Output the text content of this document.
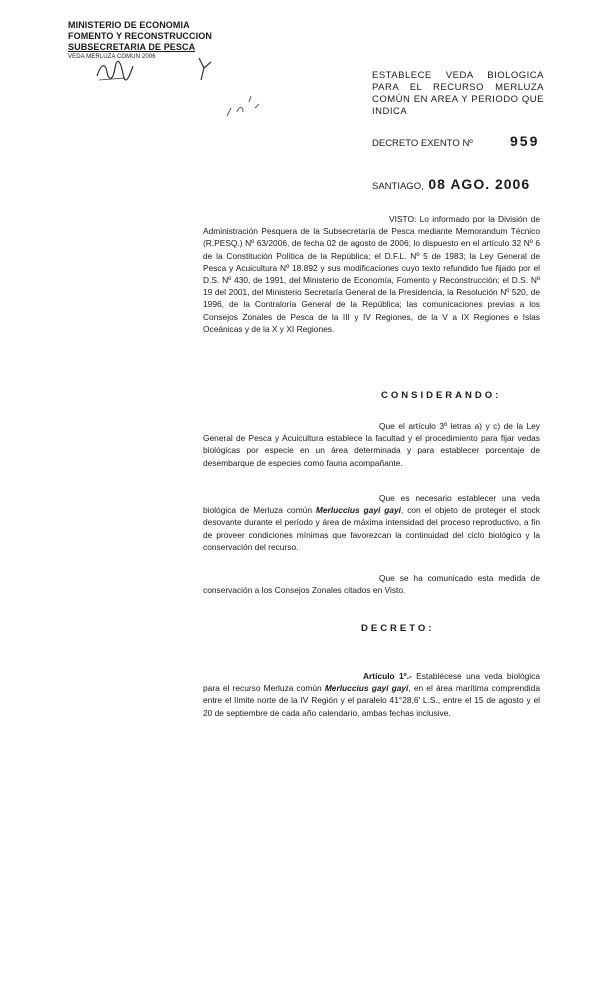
MINISTERIO DE ECONOMIA
FOMENTO Y RECONSTRUCCION
SUBSECRETARIA DE PESCA
VEDA MERLUZA COMUN 2006
ESTABLECE VEDA BIOLOGICA PARA EL RECURSO MERLUZA COMÚN EN AREA Y PERIODO QUE INDICA
DECRETO EXENTO Nº	959
SANTIAGO, 08 AGO. 2006
VISTO: Lo informado por la División de Administración Pesquera de la Subsecretaría de Pesca mediante Memorandum Técnico (R.PESQ.) Nº 63/2006, de fecha 02 de agosto de 2006; lo dispuesto en el artículo 32 Nº 6 de la Constitución Política de la República; el D.F.L. Nº 5 de 1983; la Ley General de Pesca y Acuicultura Nº 18.892 y sus modificaciones cuyo texto refundido fue fijado por el D.S. Nº 430, de 1991, del Ministerio de Economía, Fomento y Reconstrucción; el D.S. Nº 19 del 2001, del Ministerio Secretaría General de la Presidencia, la Resolución Nº 520, de 1996, de la Contraloría General de la República; las comunicaciones previas a los Consejos Zonales de Pesca de la III y IV Regiones, de la V a IX Regiones e Islas Oceánicas y de la X y XI Regiones.
CONSIDERANDO:
Que el artículo 3º letras a) y c) de la Ley General de Pesca y Acuicultura establece la facultad y el procedimiento para fijar vedas biológicas por especie en un área determinada y para establecer porcentaje de desembarque de especies como fauna acompañante.
Que es necesario establecer una veda biológica de Merluza común Merluccius gayi gayi, con el objeto de proteger el stock desovante durante el período y área de máxima intensidad del proceso reproductivo, a fin de proveer condiciones mínimas que favorezcan la continuidad del ciclo biológico y la conservación del recurso.
Que se ha comunicado esta medida de conservación a los Consejos Zonales citados en Visto.
DECRETO:
Artículo 1º.- Establécese una veda biológica para el recurso Merluza común Merluccius gayi gayi, en el área marítima comprendida entre el límite norte de la IV Región y el paralelo 41°28,6' L.S., entre el 15 de agosto y el 20 de septiembre de cada año calendario, ambas fechas inclusive.
